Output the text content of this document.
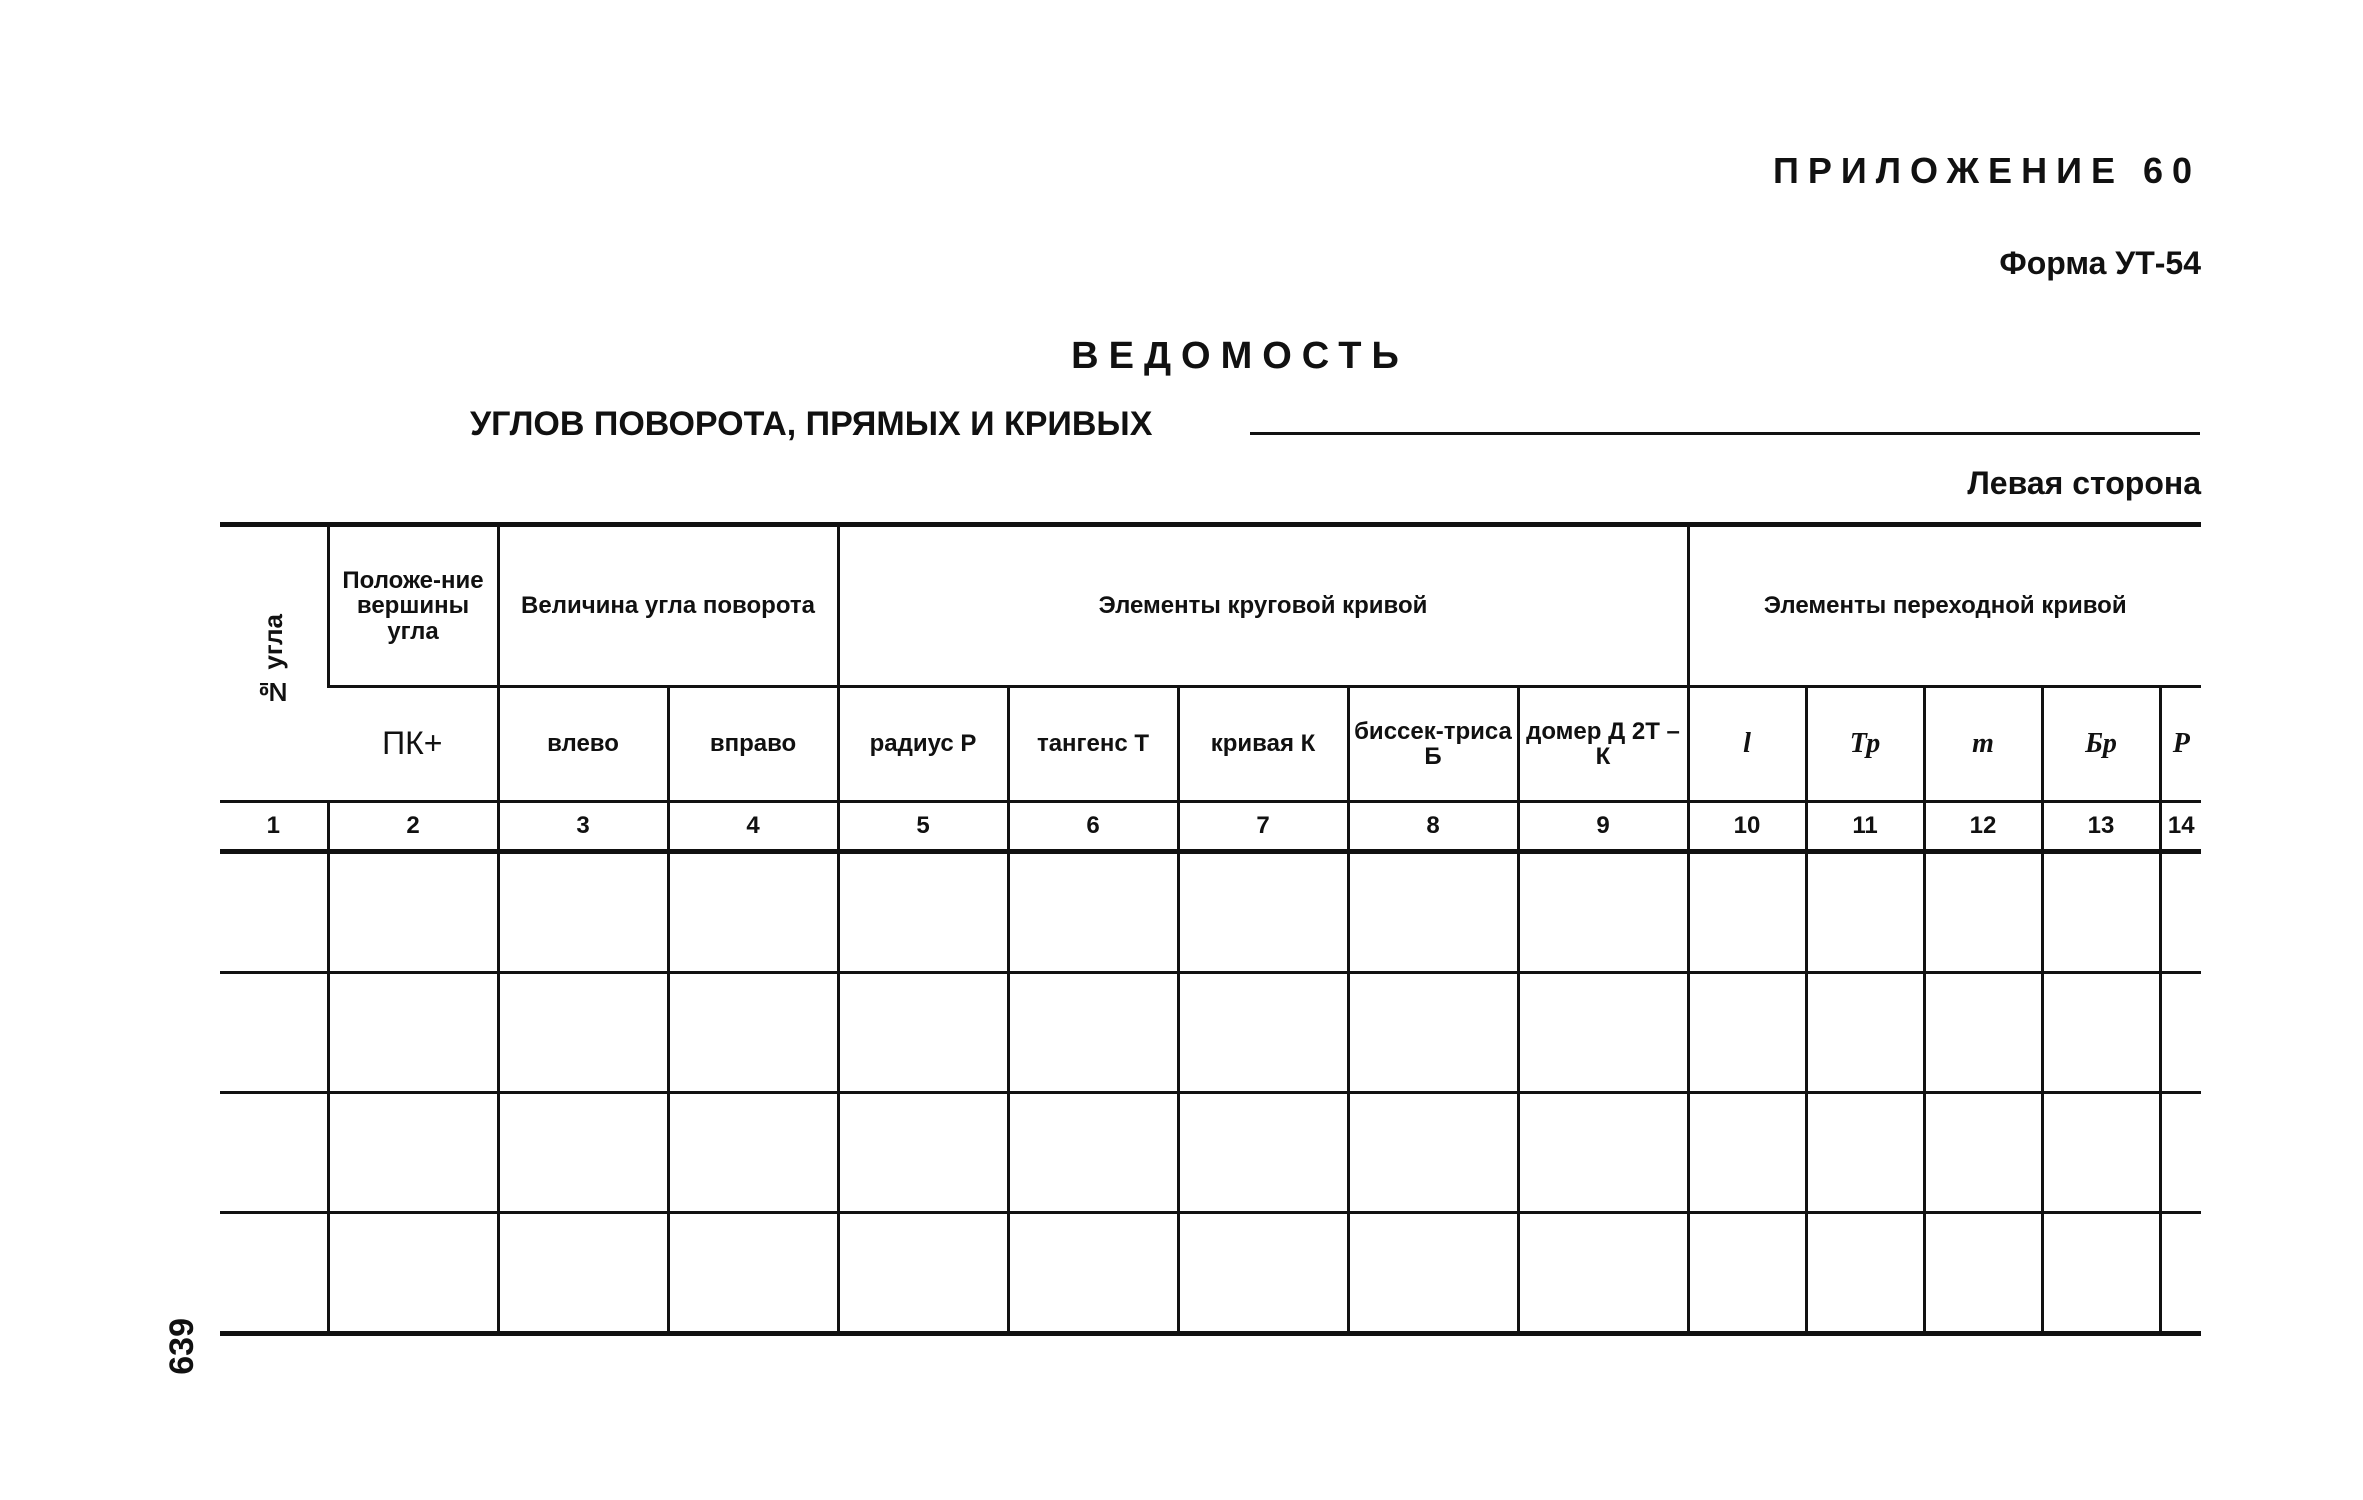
ПРИЛОЖЕНИЕ 60
Форма УТ-54
ВЕДОМОСТЬ
УГЛОВ ПОВОРОТА, ПРЯМЫХ И КРИВЫХ
Левая сторона
№ угла	Положе-ние вершины угла	Величина угла поворота		Элементы круговой кривой					Элементы переходной кривой				
	ПК+	влево	вправо	радиус Р	тангенс Т	кривая К	биссек-триса Б	домер Д 2Т – К	l	Тр	m	Бр	Р
1	2	3	4	5	6	7	8	9	10	11	12	13	14

639
